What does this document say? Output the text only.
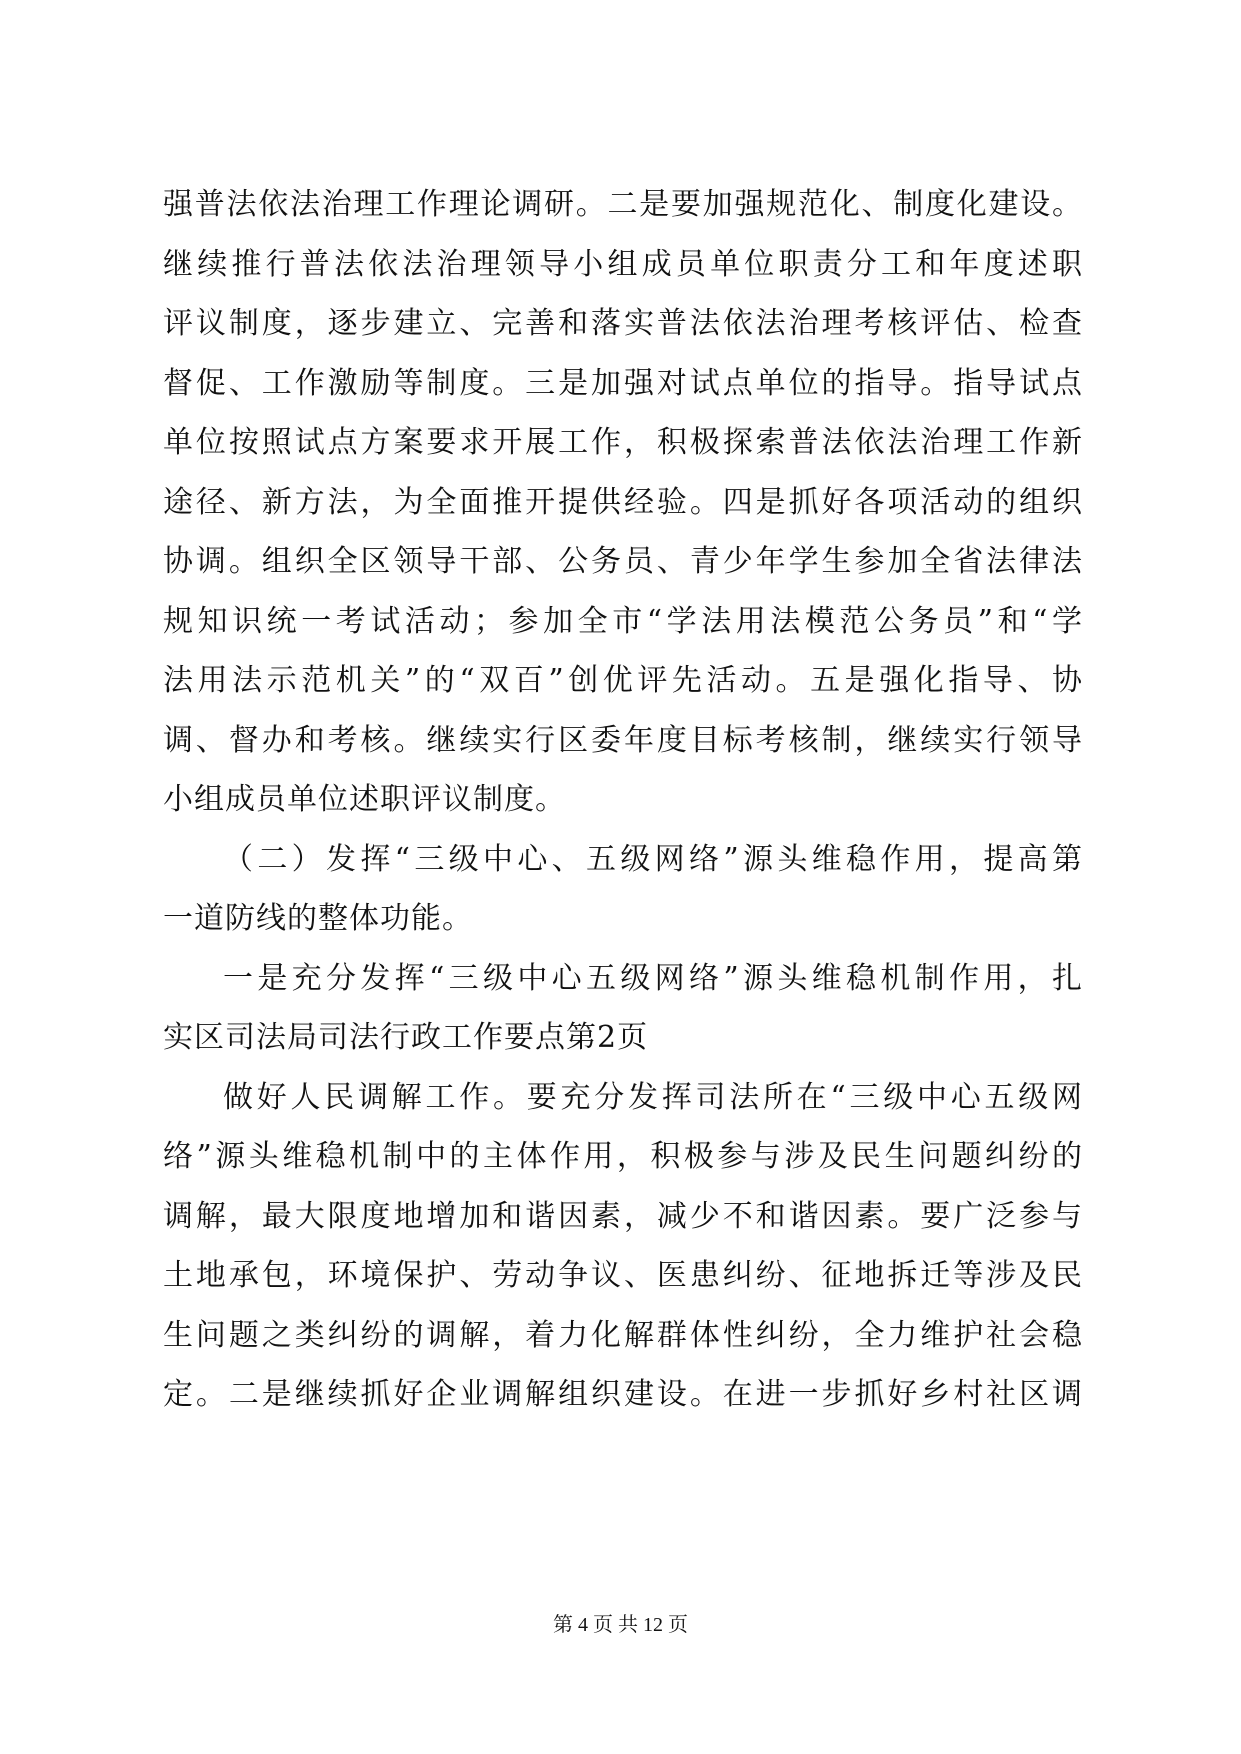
强普法依法治理工作理论调研。二是要加强规范化、制度化建设。
继续推行普法依法治理领导小组成员单位职责分工和年度述职
评议制度，逐步建立、完善和落实普法依法治理考核评估、检查
督促、工作激励等制度。三是加强对试点单位的指导。指导试点
单位按照试点方案要求开展工作，积极探索普法依法治理工作新
途径、新方法，为全面推开提供经验。四是抓好各项活动的组织
协调。组织全区领导干部、公务员、青少年学生参加全省法律法
规知识统一考试活动；参加全市“学法用法模范公务员”和“学
法用法示范机关”的“双百”创优评先活动。五是强化指导、协
调、督办和考核。继续实行区委年度目标考核制，继续实行领导
小组成员单位述职评议制度。
（二）发挥“三级中心、五级网络”源头维稳作用，提高第
一道防线的整体功能。
一是充分发挥“三级中心五级网络”源头维稳机制作用，扎
实区司法局司法行政工作要点第2页
做好人民调解工作。要充分发挥司法所在“三级中心五级网
络”源头维稳机制中的主体作用，积极参与涉及民生问题纠纷的
调解，最大限度地增加和谐因素，减少不和谐因素。要广泛参与
土地承包，环境保护、劳动争议、医患纠纷、征地拆迁等涉及民
生问题之类纠纷的调解，着力化解群体性纠纷，全力维护社会稳
定。二是继续抓好企业调解组织建设。在进一步抓好乡村社区调
第 4 页 共 12 页
